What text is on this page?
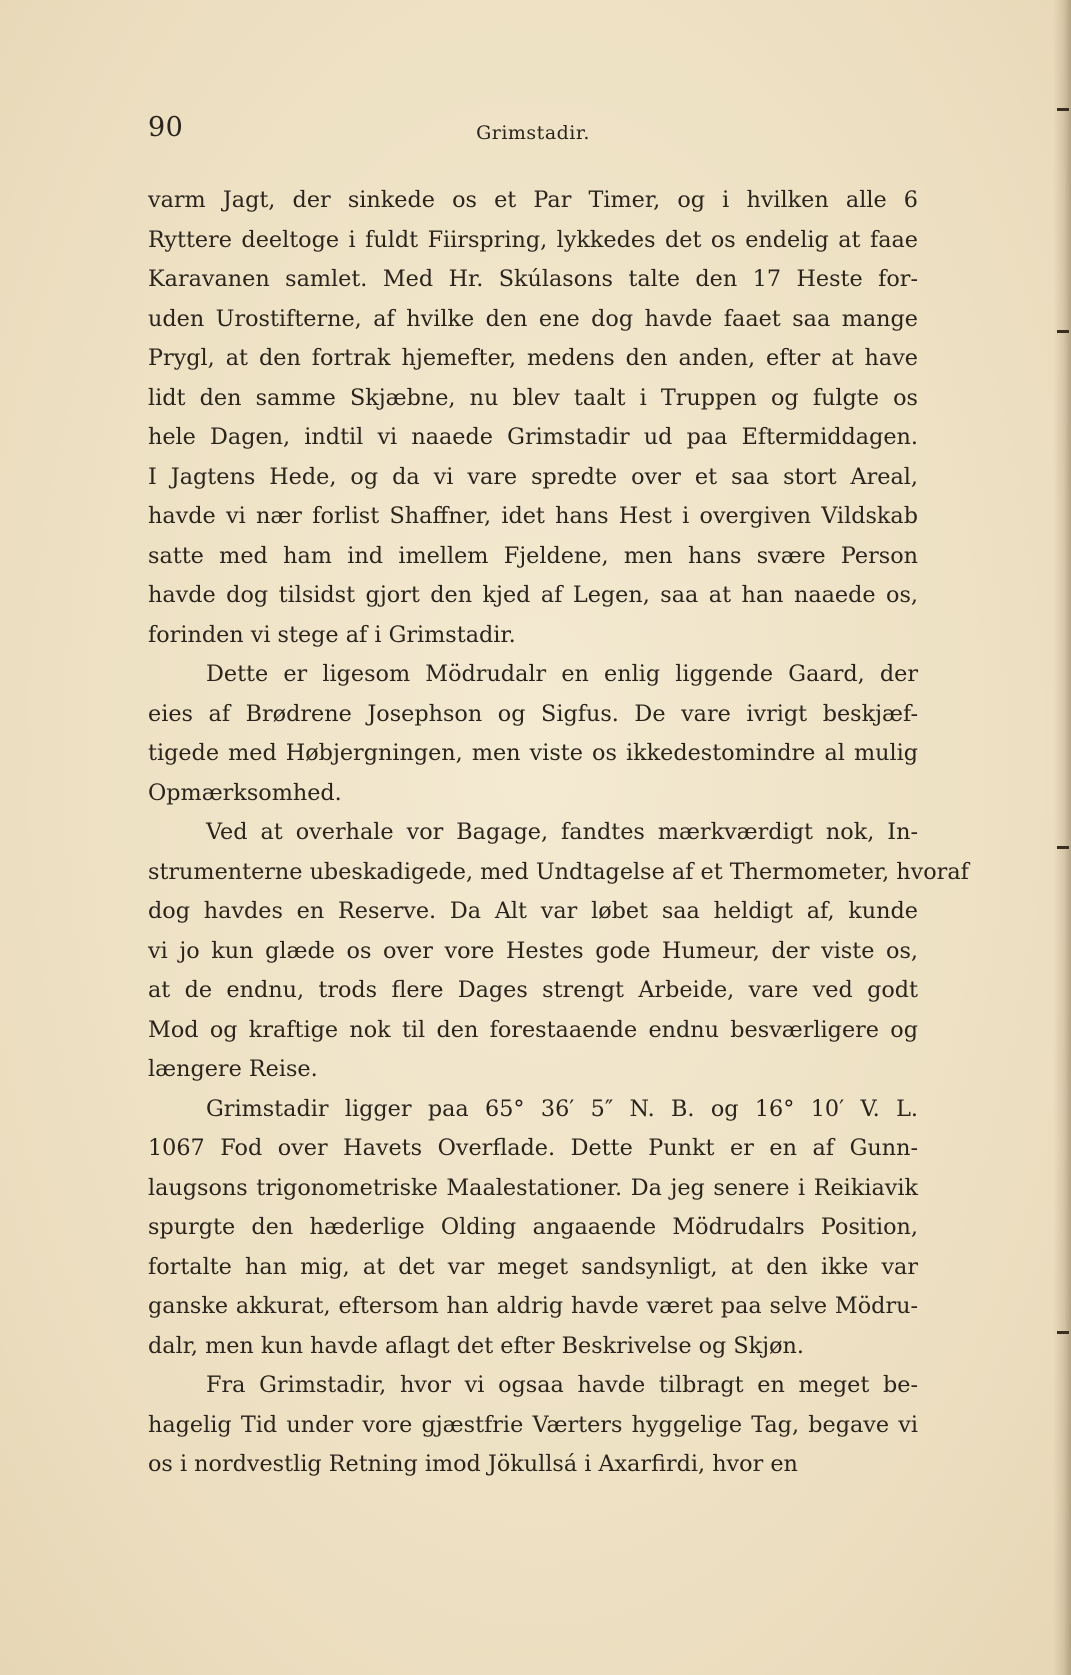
90	Grimstadir.
varm Jagt, der sinkede os et Par Timer, og i hvilken alle 6
Ryttere deeltoge i fuldt Fiirspring, lykkedes det os endelig at faae
Karavanen samlet. Med Hr. Skúlasons talte den 17 Heste for-
uden Urostifterne, af hvilke den ene dog havde faaet saa mange
Prygl, at den fortrak hjemefter, medens den anden, efter at have
lidt den samme Skjæbne, nu blev taalt i Truppen og fulgte os
hele Dagen, indtil vi naaede Grimstadir ud paa Eftermiddagen.
I Jagtens Hede, og da vi vare spredte over et saa stort Areal,
havde vi nær forlist Shaffner, idet hans Hest i overgiven Vildskab
satte med ham ind imellem Fjeldene, men hans svære Person
havde dog tilsidst gjort den kjed af Legen, saa at han naaede os,
forinden vi stege af i Grimstadir.
Dette er ligesom Mödrudalr en enlig liggende Gaard, der
eies af Brødrene Josephson og Sigfus. De vare ivrigt beskjæf-
tigede med Høbjergningen, men viste os ikkedestomindre al mulig
Opmærksomhed.
Ved at overhale vor Bagage, fandtes mærkværdigt nok, In-
strumenterne ubeskadigede, med Undtagelse af et Thermometer, hvoraf
dog havdes en Reserve. Da Alt var løbet saa heldigt af, kunde
vi jo kun glæde os over vore Hestes gode Humeur, der viste os,
at de endnu, trods flere Dages strengt Arbeide, vare ved godt
Mod og kraftige nok til den forestaaende endnu besværligere og
længere Reise.
Grimstadir ligger paa 65° 36′ 5″ N. B. og 16° 10′ V. L.
1067 Fod over Havets Overflade. Dette Punkt er en af Gunn-
laugsons trigonometriske Maalestationer. Da jeg senere i Reikiavik
spurgte den hæderlige Olding angaaende Mödrudalrs Position,
fortalte han mig, at det var meget sandsynligt, at den ikke var
ganske akkurat, eftersom han aldrig havde været paa selve Mödru-
dalr, men kun havde aflagt det efter Beskrivelse og Skjøn.
Fra Grimstadir, hvor vi ogsaa havde tilbragt en meget be-
hagelig Tid under vore gjæstfrie Værters hyggelige Tag, begave vi
os i nordvestlig Retning imod Jökullsá i Axarfirdi, hvor en
